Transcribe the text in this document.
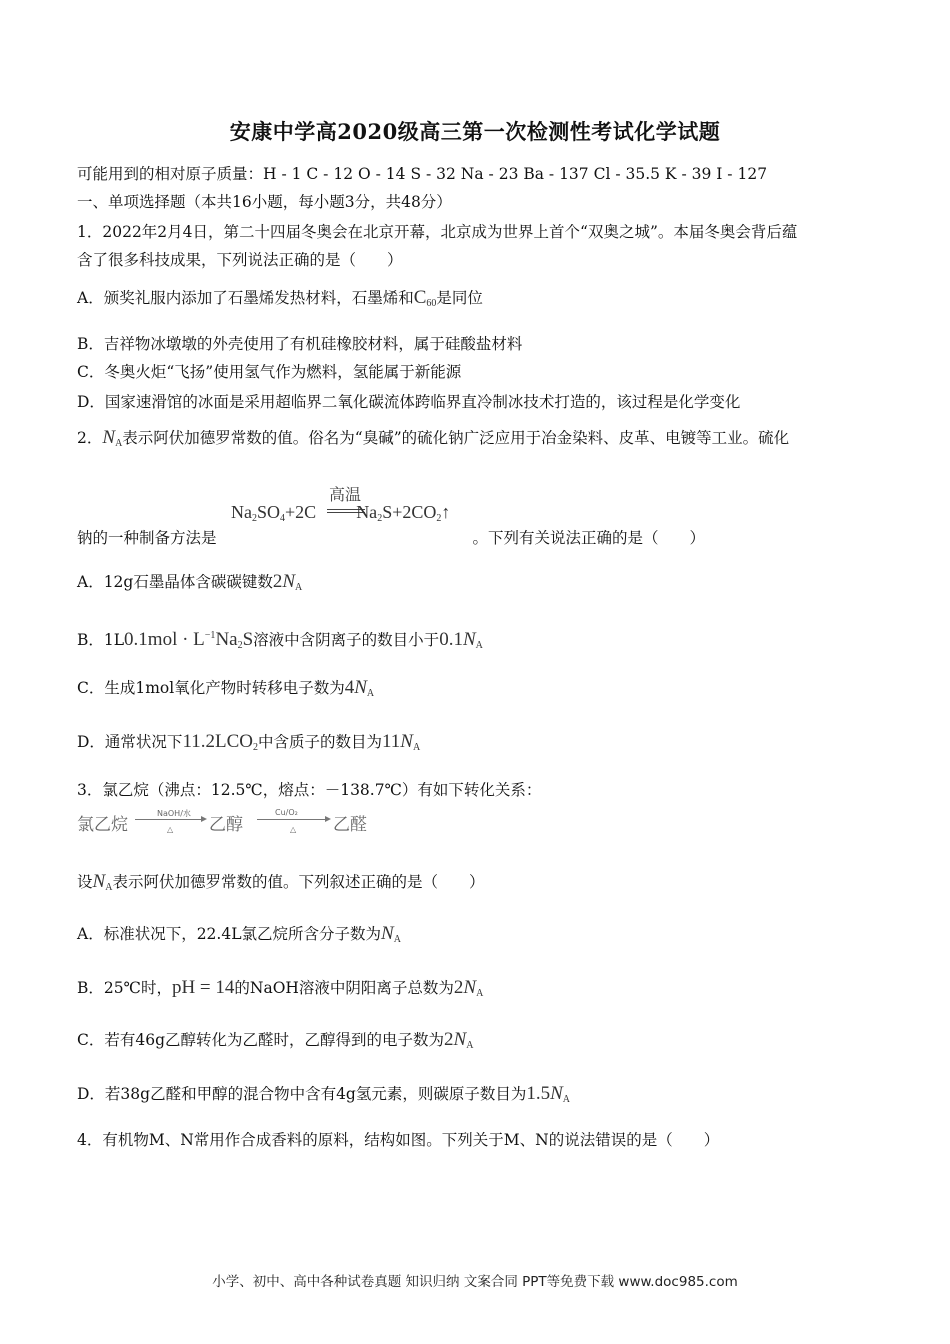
安康中学高2020级高三第一次检测性考试化学试题
可能用到的相对原子质量：H - 1 C - 12 O - 14 S - 32 Na - 23 Ba - 137 Cl - 35.5 K - 39 I - 127
一、单项选择题（本共16小题，每小题3分，共48分）
1．2022年2月4日，第二十四届冬奥会在北京开幕，北京成为世界上首个“双奥之城”。本届冬奥会背后蕴
含了很多科技成果，下列说法正确的是（　　）
A．颁奖礼服内添加了石墨烯发热材料，石墨烯和$C_{60}$是同位
B．吉祥物冰墩墩的外壳使用了有机硅橡胶材料，属于硅酸盐材料
C．冬奥火炬“飞扬”使用氢气作为燃料，氢能属于新能源
D．国家速滑馆的冰面是采用超临界二氧化碳流体跨临界直冷制冰技术打造的，该过程是化学变化
2．$N_A$表示阿伏加德罗常数的值。俗名为“臭碱”的硫化钠广泛应用于冶金染料、皮革、电镀等工业。硫化
高温
$Na_2SO_4+2C$ $Na_2S+2CO_2↑$
钠的一种制备方法是	。下列有关说法正确的是（　　）
A．12g石墨晶体含碳碳键数$2N_A$
B．$1L0.1mol \cdot L^{-1}Na_2S$溶液中含阴离子的数目小于$0.1N_A$
C．生成1mol氧化产物时转移电子数为$4N_A$
D．通常状况下$11.2LCO_2$中含质子的数目为$11N_A$
3．氯乙烷（沸点：12.5℃，熔点：－138.7℃）有如下转化关系：
氯乙烷
NaOH/水
△ 乙醇
Cu/O₂
△ 乙醛
设$N_A$表示阿伏加德罗常数的值。下列叙述正确的是（　　）
A．标准状况下，22.4L氯乙烷所含分子数为$N_A$
B．25℃时，pH = 14的NaOH溶液中阴阳离子总数为$2N_A$
C．若有46g乙醇转化为乙醛时，乙醇得到的电子数为$2N_A$
D．若38g乙醛和甲醇的混合物中含有4g氢元素，则碳原子数目为$1.5N_A$
4．有机物M、N常用作合成香料的原料，结构如图。下列关于M、N的说法错误的是（　　）
小学、初中、高中各种试卷真题 知识归纳 文案合同 PPT等免费下载 www.doc985.com
